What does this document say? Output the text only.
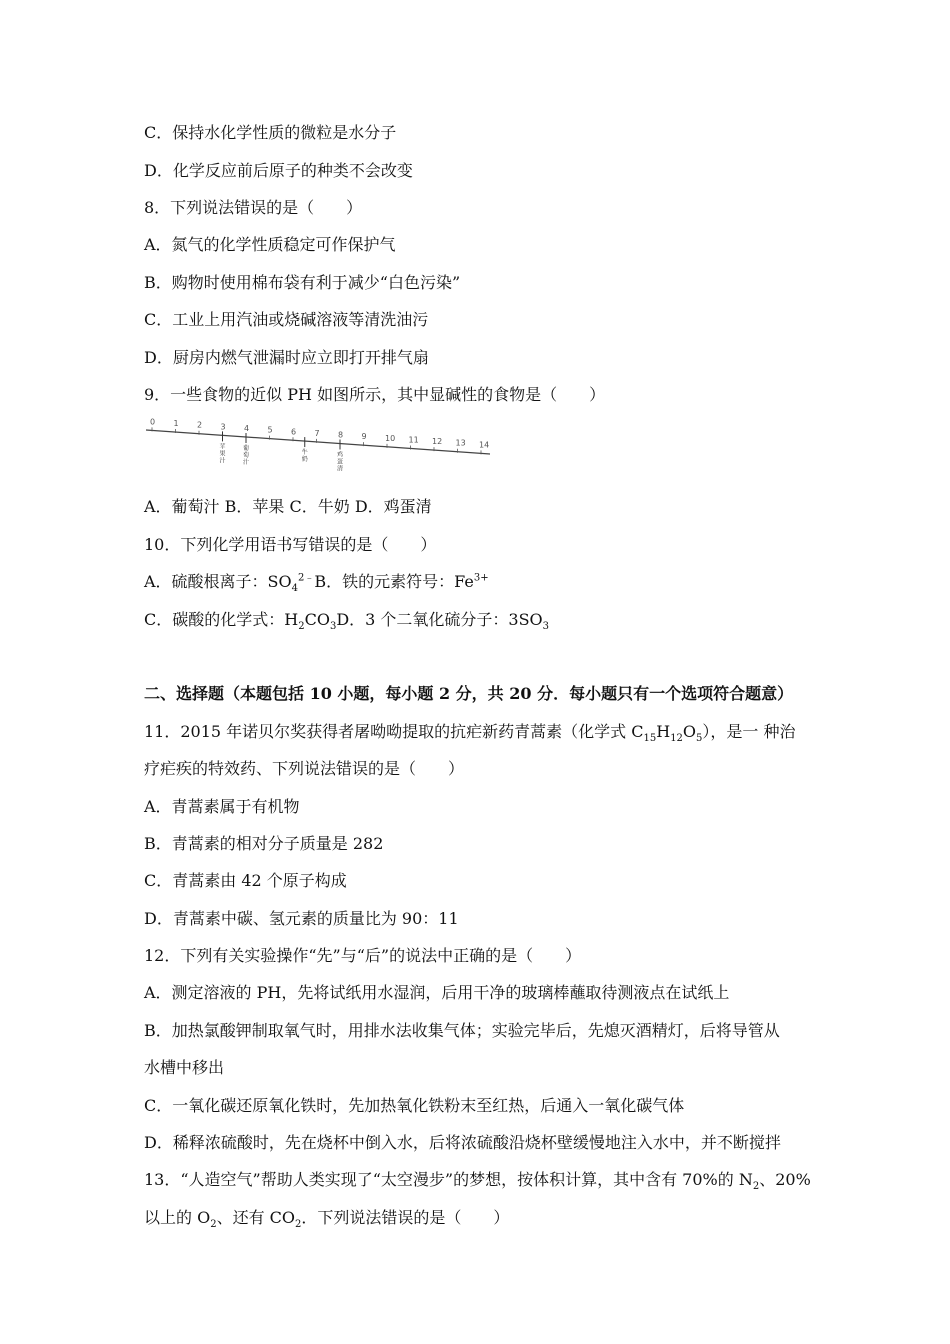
C．保持水化学性质的微粒是水分子
D．化学反应前后原子的种类不会改变
8．下列说法错误的是（　　）
A．氮气的化学性质稳定可作保护气
B．购物时使用棉布袋有利于减少“白色污染”
C．工业上用汽油或烧碱溶液等清洗油污
D．厨房内燃气泄漏时应立即打开排气扇
9．一些食物的近似 PH 如图所示，其中显碱性的食物是（　　）
0 1 2 3 4 5 6 7 8 9 10 11 12 13 14
苹果汁
葡萄汁
牛奶
鸡蛋清
A．葡萄汁 B．苹果 C．牛奶 D．鸡蛋清
10．下列化学用语书写错误的是（　　）
A．硫酸根离子：$SO_4^{2﹣}B$．铁的元素符号：$Fe^{3+}$
C．碳酸的化学式：$H_2CO_3D$．3 个二氧化硫分子：$3SO_3$
二、选择题（本题包括 10 小题，每小题 2 分，共 20 分．每小题只有一个选项符合题意）
11．2015 年诺贝尔奖获得者屠呦呦提取的抗疟新药青蒿素（化学式 $C_{15}H_{12}O_5$），是一 种治
疗疟疾的特效药、下列说法错误的是（　　）
A．青蒿素属于有机物
B．青蒿素的相对分子质量是 282
C．青蒿素由 42 个原子构成
D．青蒿素中碳、氢元素的质量比为 90：11
12．下列有关实验操作“先”与“后”的说法中正确的是（　　）
A．测定溶液的 PH，先将试纸用水湿润，后用干净的玻璃棒蘸取待测液点在试纸上
B．加热氯酸钾制取氧气时，用排水法收集气体；实验完毕后，先熄灭酒精灯，后将导管从
水槽中移出
C．一氧化碳还原氧化铁时，先加热氧化铁粉末至红热，后通入一氧化碳气体
D．稀释浓硫酸时，先在烧杯中倒入水，后将浓硫酸沿烧杯壁缓慢地注入水中，并不断搅拌
13．“人造空气”帮助人类实现了“太空漫步”的梦想，按体积计算，其中含有 70%的 $N_2$、20%
以上的 $O_2$、还有 $CO_2$．下列说法错误的是（　　）
